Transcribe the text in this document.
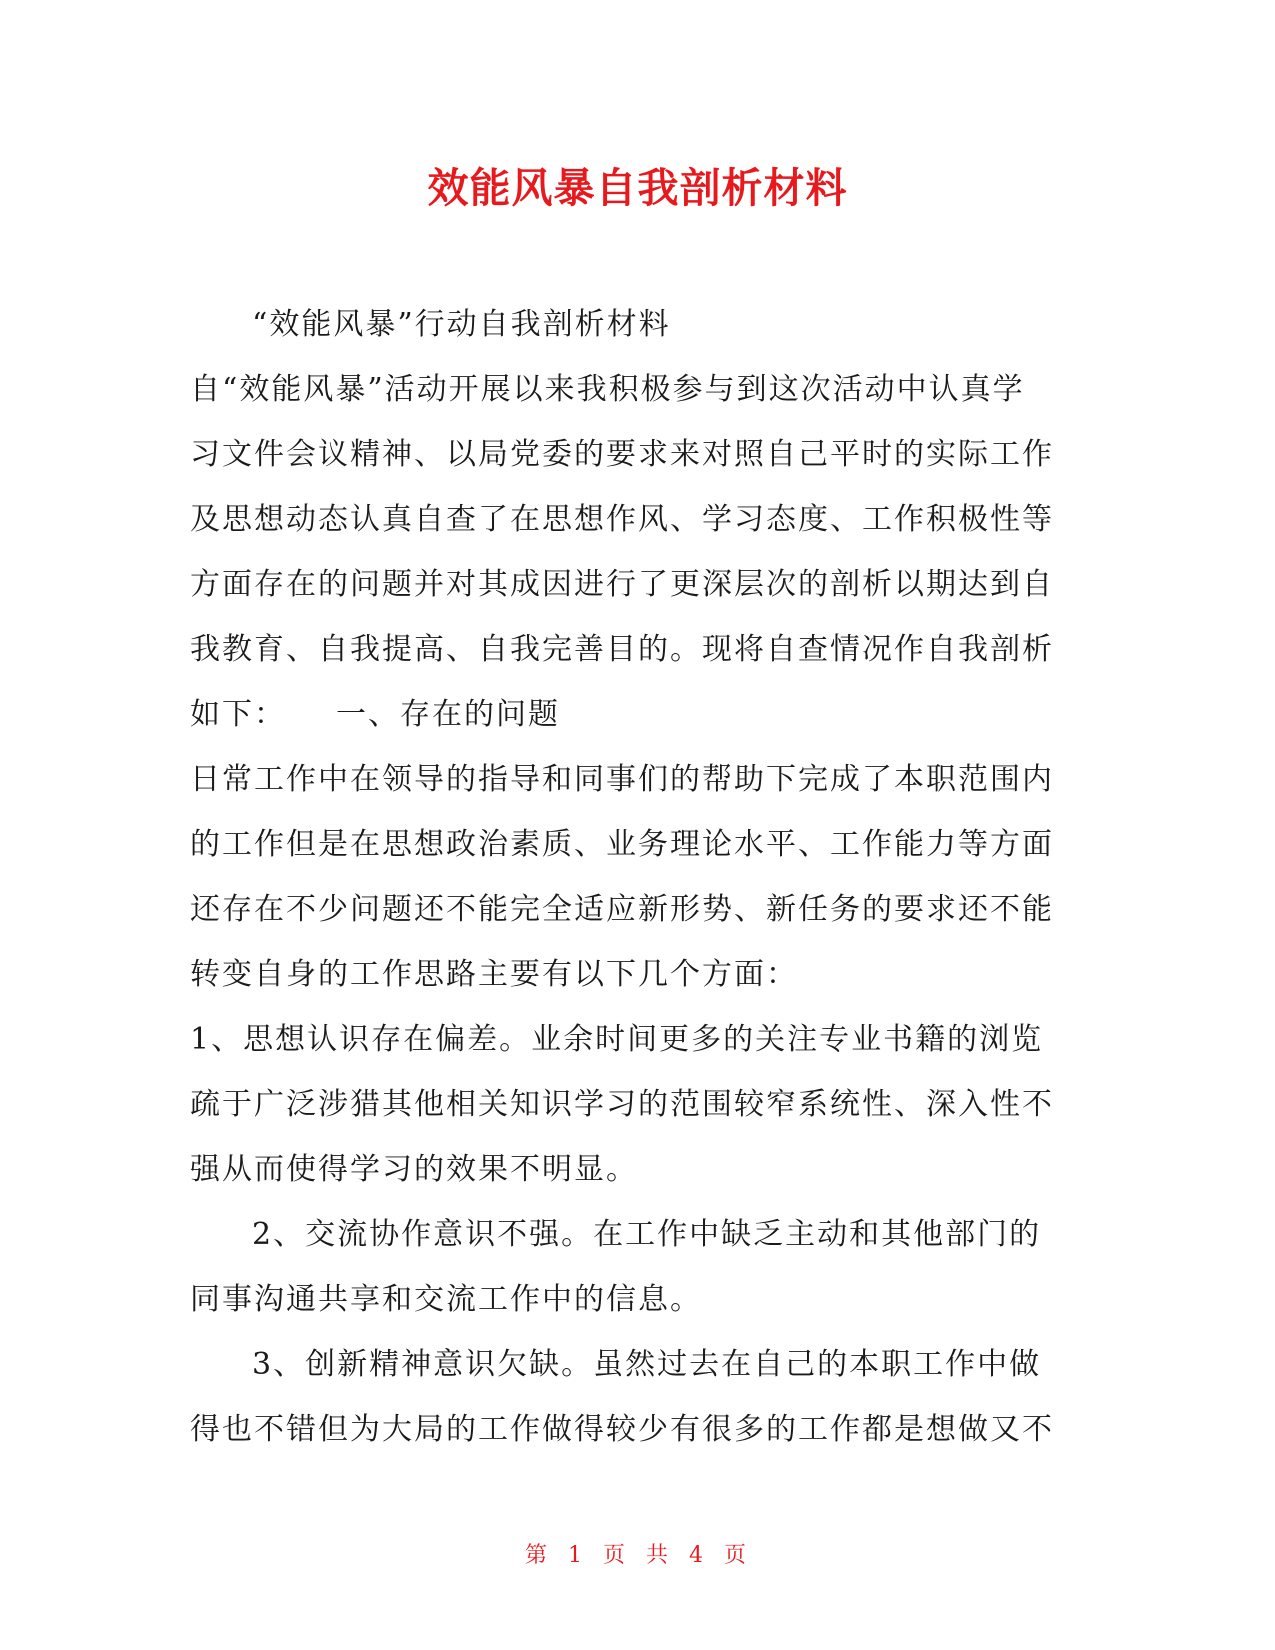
效能风暴自我剖析材料
“效能风暴”行动自我剖析材料
自“效能风暴”活动开展以来我积极参与到这次活动中认真学
习文件会议精神、以局党委的要求来对照自己平时的实际工作
及思想动态认真自查了在思想作风、学习态度、工作积极性等
方面存在的问题并对其成因进行了更深层次的剖析以期达到自
我教育、自我提高、自我完善目的。现将自查情况作自我剖析
如下： 一、存在的问题
日常工作中在领导的指导和同事们的帮助下完成了本职范围内
的工作但是在思想政治素质、业务理论水平、工作能力等方面
还存在不少问题还不能完全适应新形势、新任务的要求还不能
转变自身的工作思路主要有以下几个方面：
1、思想认识存在偏差。业余时间更多的关注专业书籍的浏览
疏于广泛涉猎其他相关知识学习的范围较窄系统性、深入性不
强从而使得学习的效果不明显。
2、交流协作意识不强。在工作中缺乏主动和其他部门的
同事沟通共享和交流工作中的信息。
3、创新精神意识欠缺。虽然过去在自己的本职工作中做
得也不错但为大局的工作做得较少有很多的工作都是想做又不
第 1 页 共 4 页
